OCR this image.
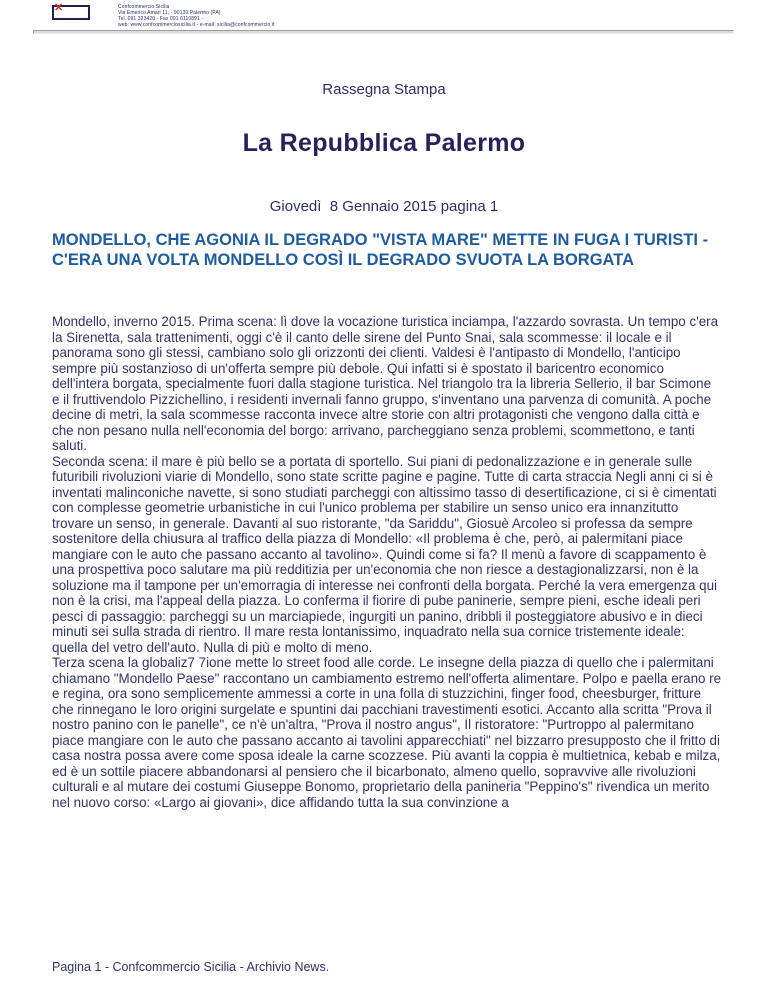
✕	Confcommercio Sicilia
Via Emerico Amari 11, - 90139 Palermo (PA)
Tel. 091 323420 - Fax 091 6110891 -
web: www.confcommerciosicilia.it - e-mail: sicilia@confcommercio.it
Rassegna Stampa
La Repubblica Palermo
Giovedì  8 Gennaio 2015 pagina 1
MONDELLO, CHE AGONIA IL DEGRADO "VISTA MARE" METTE IN FUGA I TURISTI - C'ERA UNA VOLTA MONDELLO COSÌ IL DEGRADO SVUOTA LA BORGATA

Mondello, inverno 2015. Prima scena: lì dove la vocazione turistica inciampa, l'azzardo sovrasta. Un tempo c'era la Sirenetta, sala trattenimenti, oggi c'è il canto delle sirene del Punto Snai, sala scommesse: il locale e il panorama sono gli stessi, cambiano solo gli orizzonti dei clienti. Valdesi è l'antipasto di Mondello, l'anticipo sempre più sostanzioso di un'offerta sempre più debole. Qui infatti si è spostato il baricentro economico dell'intera borgata, specialmente fuori dalla stagione turistica. Nel triangolo tra la libreria Sellerio, il bar Scimone e il fruttivendolo Pizzichellino, i residenti invernali fanno gruppo, s'inventano una parvenza di comunità. A poche decine di metri, la sala scommesse racconta invece altre storie con altri protagonisti che vengono dalla città e che non pesano nulla nell'economia del borgo: arrivano, parcheggiano senza problemi, scommettono, e tanti saluti.

Seconda scena: il mare è più bello se a portata di sportello. Sui piani di pedonalizzazione e in generale sulle futuribili rivoluzioni viarie di Mondello, sono state scritte pagine e pagine. Tutte di carta straccia Negli anni ci si è inventati malinconiche navette, si sono studiati parcheggi con altissimo tasso di desertificazione, ci si è cimentati con complesse geometrie urbanistiche in cui l'unico problema per stabilire un senso unico era innanzitutto trovare un senso, in generale. Davanti al suo ristorante, "da Sariddu", Giosuè Arcoleo si professa da sempre sostenitore della chiusura al traffico della piazza di Mondello: «Il problema è che, però, ai palermitani piace mangiare con le auto che passano accanto al tavolino». Quindi come si fa? Il menù a favore di scappamento è una prospettiva poco salutare ma più redditizia per un'economia che non riesce a destagionalizzarsi, non è la soluzione ma il tampone per un'emorragia di interesse nei confronti della borgata. Perché la vera emergenza qui non è la crisi, ma l'appeal della piazza. Lo conferma il fiorire di pube paninerie, sempre pieni, esche ideali peri pesci di passaggio: parcheggi su un marciapiede, ingurgiti un panino, dribbli il posteggiatore abusivo e in dieci minuti sei sulla strada di rientro. Il mare resta lontanissimo, inquadrato nella sua cornice tristemente ideale: quella del vetro dell'auto. Nulla di più e molto di meno.

Terza scena la globaliz7 7ione mette lo street food alle corde. Le insegne della piazza di quello che i palermitani chiamano "Mondello Paese" raccontano un cambiamento estremo nell'offerta alimentare. Polpo e paella erano re e regina, ora sono semplicemente ammessi a corte in una folla di stuzzichini, finger food, cheesburger, fritture che rinnegano le loro origini surgelate e spuntini dai pacchiani travestimenti esotici. Accanto alla scritta "Prova il nostro panino con le panelle", ce n'è un'altra, "Prova il nostro angus", Il ristoratore: "Purtroppo al palermitano piace mangiare con le auto che passano accanto ai tavolini apparecchiati" nel bizzarro presupposto che il fritto di casa nostra possa avere come sposa ideale la carne scozzese. Più avanti la coppia è multietnica, kebab e milza, ed è un sottile piacere abbandonarsi al pensiero che il bicarbonato, almeno quello, sopravvive alle rivoluzioni culturali e al mutare dei costumi Giuseppe Bonomo, proprietario della panineria "Peppino's" rivendica un merito nel nuovo corso: «Largo ai giovani», dice affidando tutta la sua convinzione a

Pagina 1 - Confcommercio Sicilia - Archivio News.
